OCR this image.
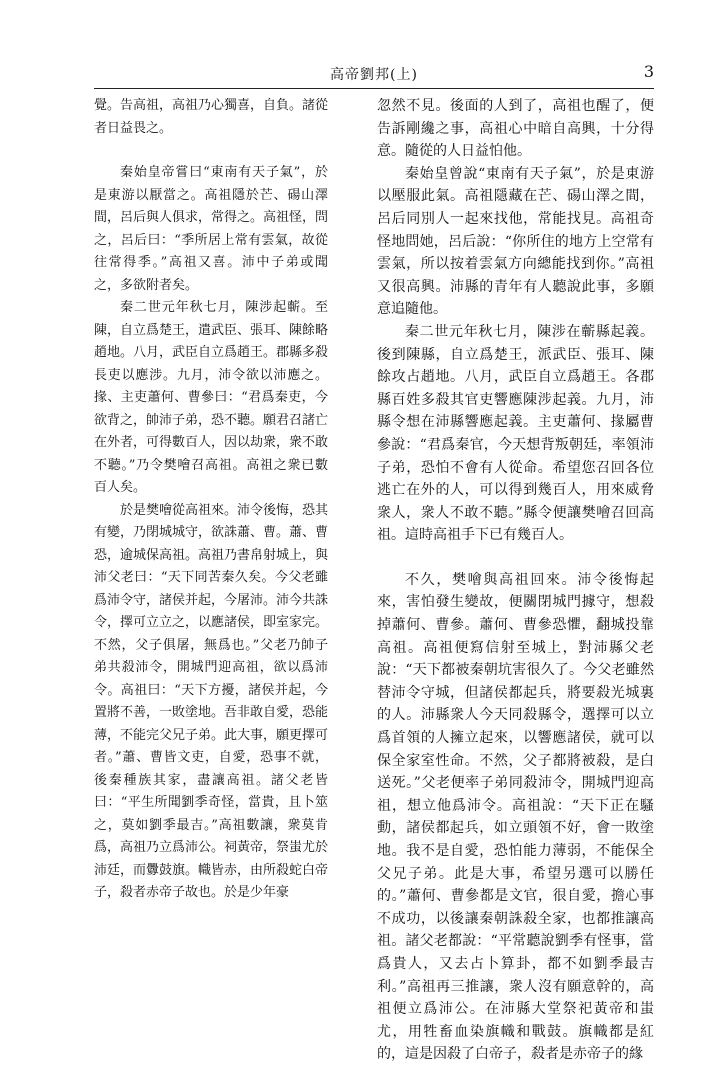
高帝劉邦(上)	3

覺。告高祖，高祖乃心獨喜，自負。諸從者日益畏之。

秦始皇帝嘗曰“東南有天子氣”，於是東游以厭當之。高祖隱於芒、碭山澤間，呂后與人俱求，常得之。高祖怪，問之，呂后曰：“季所居上常有雲氣，故從往常得季。”高祖又喜。沛中子弟或聞之，多欲附者矣。

秦二世元年秋七月，陳涉起蘄。至陳，自立爲楚王，遣武臣、張耳、陳餘略趙地。八月，武臣自立爲趙王。郡縣多殺長吏以應涉。九月，沛令欲以沛應之。掾、主吏蕭何、曹參曰：“君爲秦吏，今欲背之，帥沛子弟，恐不聽。願君召諸亡在外者，可得數百人，因以劫衆，衆不敢不聽。”乃令樊噲召高祖。高祖之衆已數百人矣。

於是樊噲從高祖來。沛令後悔，恐其有變，乃閉城城守，欲誅蕭、曹。蕭、曹恐，逾城保高祖。高祖乃書帛射城上，與沛父老曰：“天下同苦秦久矣。今父老雖爲沛令守，諸侯并起，今屠沛。沛今共誅令，擇可立立之，以應諸侯，即室家完。不然，父子俱屠，無爲也。”父老乃帥子弟共殺沛令，開城門迎高祖，欲以爲沛令。高祖曰：“天下方擾，諸侯并起，今置將不善，一敗塗地。吾非敢自愛，恐能薄，不能完父兄子弟。此大事，願更擇可者。”蕭、曹皆文吏，自愛，恐事不就，後秦種族其家，盡讓高祖。諸父老皆曰：“平生所聞劉季奇怪，當貴，且卜筮之，莫如劉季最吉。”高祖數讓，衆莫肯爲，高祖乃立爲沛公。祠黃帝，祭蚩尤於沛廷，而釁鼓旗。幟皆赤，由所殺蛇白帝子，殺者赤帝子故也。於是少年豪

忽然不見。後面的人到了，高祖也醒了，便告訴剛纔之事，高祖心中暗自高興，十分得意。隨從的人日益怕他。

秦始皇曾說“東南有天子氣”，於是東游以壓服此氣。高祖隱藏在芒、碭山澤之間，呂后同別人一起來找他，常能找見。高祖奇怪地問她，呂后說：“你所住的地方上空常有雲氣，所以按着雲氣方向總能找到你。”高祖又很高興。沛縣的青年有人聽說此事，多願意追隨他。

秦二世元年秋七月，陳涉在蘄縣起義。後到陳縣，自立爲楚王，派武臣、張耳、陳餘攻占趙地。八月，武臣自立爲趙王。各郡縣百姓多殺其官吏響應陳涉起義。九月，沛縣令想在沛縣響應起義。主吏蕭何、掾屬曹參說：“君爲秦官，今天想背叛朝廷，率領沛子弟，恐怕不會有人從命。希望您召回各位逃亡在外的人，可以得到幾百人，用來威脅衆人，衆人不敢不聽。”縣令便讓樊噲召回高祖。這時高祖手下已有幾百人。

不久，樊噲與高祖回來。沛令後悔起來，害怕發生變故，便關閉城門據守，想殺掉蕭何、曹參。蕭何、曹參恐懼，翻城投靠高祖。高祖便寫信射至城上，對沛縣父老說：“天下都被秦朝坑害很久了。今父老雖然替沛令守城，但諸侯都起兵，將要殺光城裏的人。沛縣衆人今天同殺縣令，選擇可以立爲首領的人擁立起來，以響應諸侯，就可以保全家室性命。不然，父子都將被殺，是白送死。”父老便率子弟同殺沛令，開城門迎高祖，想立他爲沛令。高祖說：“天下正在騷動，諸侯都起兵，如立頭領不好，會一敗塗地。我不是自愛，恐怕能力薄弱，不能保全父兄子弟。此是大事，希望另選可以勝任的。”蕭何、曹參都是文官，很自愛，擔心事不成功，以後讓秦朝誅殺全家，也都推讓高祖。諸父老都說：“平常聽說劉季有怪事，當爲貴人，又去占卜算卦，都不如劉季最吉利。”高祖再三推讓，衆人沒有願意幹的，高祖便立爲沛公。在沛縣大堂祭祀黃帝和蚩尤，用牲畜血染旗幟和戰鼓。旗幟都是紅的，這是因殺了白帝子，殺者是赤帝子的緣
